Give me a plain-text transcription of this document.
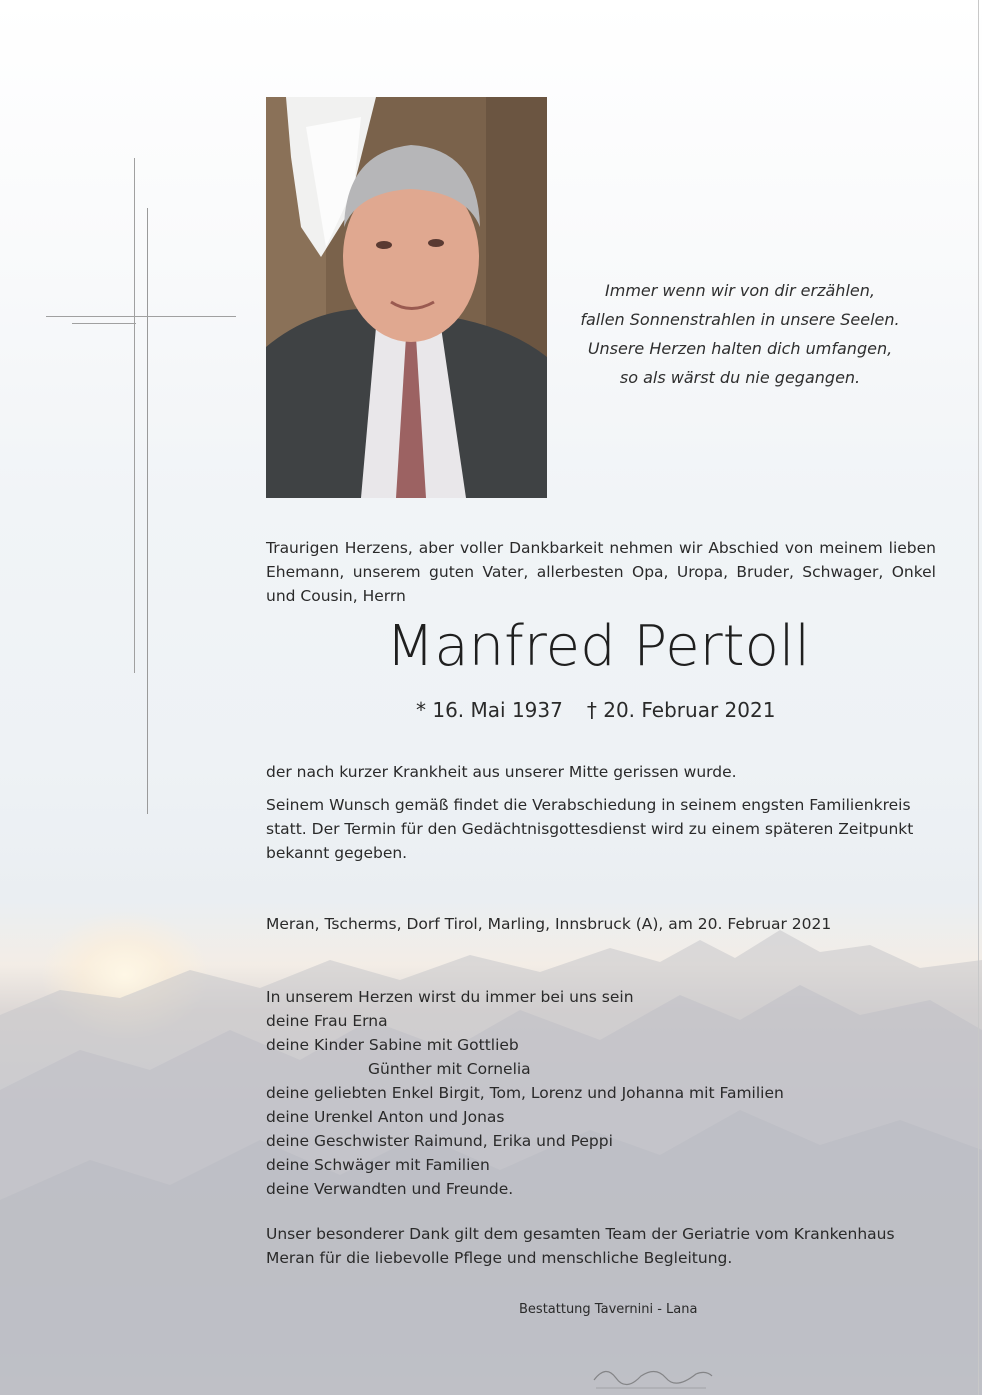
Immer wenn wir von dir erzählen,
fallen Sonnenstrahlen in unsere Seelen.
Unsere Herzen halten dich umfangen,
so als wärst du nie gegangen.
Traurigen Herzens, aber voller Dankbarkeit nehmen wir Abschied von meinem lieben Ehemann, unserem guten Vater, allerbesten Opa, Uropa, Bruder, Schwager, Onkel und Cousin, Herrn
Manfred Pertoll
* 16. Mai 1937 † 20. Februar 2021
der nach kurzer Krankheit aus unserer Mitte gerissen wurde.
Seinem Wunsch gemäß findet die Verabschiedung in seinem engsten Familienkreis statt. Der Termin für den Gedächtnisgottesdienst wird zu einem späteren Zeitpunkt bekannt gegeben.
Meran, Tscherms, Dorf Tirol, Marling, Innsbruck (A), am 20. Februar 2021
In unserem Herzen wirst du immer bei uns sein
deine Frau Erna
deine Kinder Sabine mit Gottlieb
Günther mit Cornelia
deine geliebten Enkel Birgit, Tom, Lorenz und Johanna mit Familien
deine Urenkel Anton und Jonas
deine Geschwister Raimund, Erika und Peppi
deine Schwäger mit Familien
deine Verwandten und Freunde.
Unser besonderer Dank gilt dem gesamten Team der Geriatrie vom Krankenhaus Meran für die liebevolle Pflege und menschliche Begleitung.
Bestattung Tavernini - Lana
